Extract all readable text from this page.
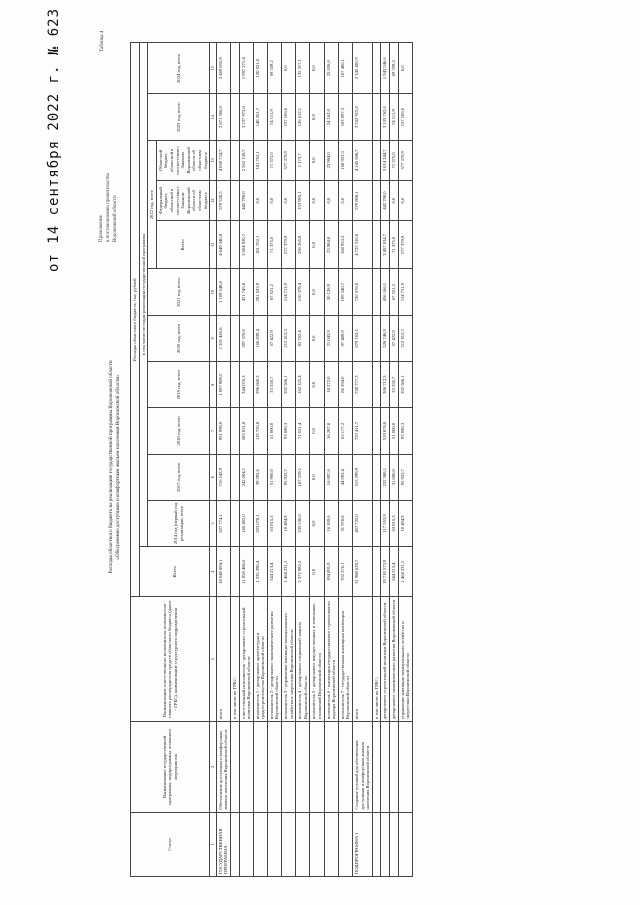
от 14 сентября 2022 г. № 623	Приложение к постановлению правительства Воронежской области
Таблица 4
Расходы областного бюджета на реализацию государственной программы Воронежской области «Обеспечение доступным и комфортным жильем населения Воронежской области»
Статус	Наименование государственной программы, подпрограммы, основного мероприятия	Наименование ответственного исполнителя, исполнителя - главного распорядителя средств областного бюджета (далее - ГРБС), наименование структурного подразделения	Расходы областного бюджета, тыс. рублей											
			Всего	в том числе по годам реализации государственной программы										
				2014 год (первый год реализации, всего	2017 год, всего	2018 год, всего	2019 год, всего	2020 год, всего	2021 год, всего	2022 год, всего			2023 год, всего	2024 год, всего
										Всего	Федеральный бюджет, областной в соответствии с Законом Воронежской области об областном бюджете	Областной бюджет, областной в соответствии с Законом Воронежской области об областном бюджете		
1	2	3	4	5	6	7	8	9	10	11	12	13	14	15
ГОСУДАРСТВЕННАЯ ПРОГРАММА	Обеспечение доступным и комфортным жильем населения Воронежской области	всего	18 048 894,1	627 774,1	716 543,9	951 990,0	1 097 989,5	1 201 465,8	1 109 548,8	4 649 340,8	579 528,5	4 069 734,7	3 871 306,0	2 469 855,9
		в том числе по ГРБС:												
		ответственный исполнитель - департамент строительной политики Воронежской области	11 058 486,6	166 402,0	242 004,1	583 051,8	344 076,3	397 370,0	471 745,8	3 004 920,7	442 790,0	2 562 130,7	3 237 973,0	1 997 271,4
		исполнитель 1 - департамент архитектуры и градостроительства Воронежской области	1 335 290,4	203 078,1	39 392,6	119 726,8	296 660,3	160 839,4	201 532,9	181 762,1	0,0	181 762,1	148 351,7	120 021,8
		исполнитель 2 - департамент экономического развития Воронежской области	544 213,4	63 815,3	31 900,0	51 000,0	33 550,7	57 422,9	67 521,2	71 375,0	0,0	71 375,0	74 111,9	69 339,2
		исполнитель 3 - управление жилищно-коммунального хозяйства и энергетики Воронежской области	1 464 231,1	10 494,9	95 922,7	93 690,3	202 506,1	212 612,3	114 711,9	577 379,9	0,0	577 379,9	157 106,0	0,0
		исполнитель 4 - департамент социальной защиты Воронежской области	2 372 982,5	235 530,6	187 259,1	71 021,4	162 325,4	82 782,4	110 379,4	236 265,8	153 992,1	1 173,7	126 612,1	135 317,1
		исполнитель 5 - департамент имущественных и земельных отношений Воронежской области	0,0	0,0	0,0	0,0	0,0	0,0	0,0	0,0	0,0	0,0	0,0	0,0
		исполнитель 6 - инспекция государственного строительного надзора Воронежской области	194 891,9	16 109,6	16 697,6	16 287,0	18 272,0	21 043,9	20 126,9	23 984,0	0,0	23 984,0	24 162,0	25 026,0
		исполнитель 7 - государственная жилищная инспекция Воронежской области	702 276,1	31 978,8	44 093,4	63 177,2	86 594,0	97 489,9	109 240,7	168 953,3	0,0	168 953,3	103 097,3	107 486,1
ПОДПРОГРАММА 1	Создание условий для обеспечения доступным и комфортным жильем населения Воронежской области	всего	31 988 628,7	457 725,0	515 299,9	723 411,7	728 777,3	679 162,5	726 578,6	4 725 316,8	579 808,1	4 145 508,7	3 532 915,0	2 345 481,9
		в том числе по ГРБС:												
		департамент строительной политики Воронежской области	19 710 573,9	117 553,9	232 388,1	519 876,0	306 712,3	526 746,9	456 166,1	3 457 034,7	442 790,0	3 014 244,7	3 135 762,0	1 943 546,6
		департамент экономического развития Воронежской области	544 213,4	63 815,3	31 000,0	51 000,0	33 550,7	57 422,9	67 521,2	71 375,0	0,0	71 375,0	74 111,9	69 339,2
		управление жилищно-коммунального хозяйства и энергетики Воронежской области	1 464 231,1	10 494,9	95 922,7	93 690,3	202 506,1	212 612,3	114 711,9	577 379,9	0,0	577 379,9	157 106,0	0,0
